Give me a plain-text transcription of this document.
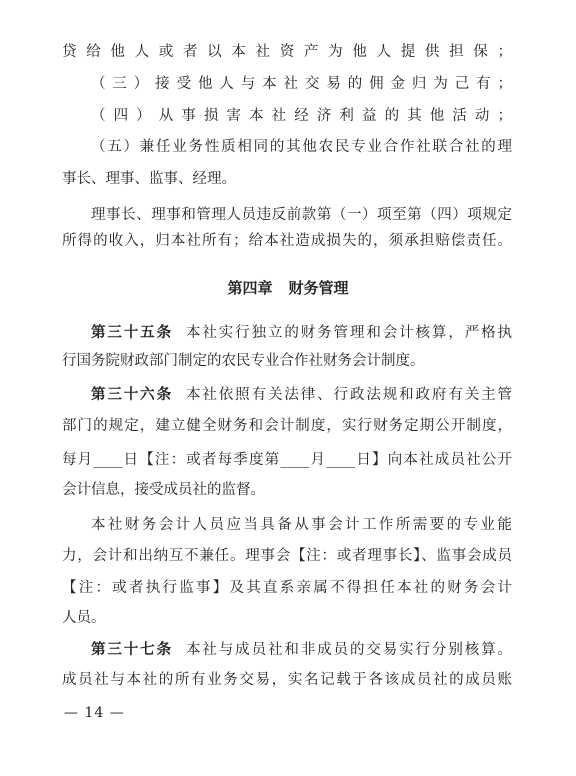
贷给他人或者以本社资产为他人提供担保；
（三）接受他人与本社交易的佣金归为己有；
（四）从事损害本社经济利益的其他活动；
（五）兼任业务性质相同的其他农民专业合作社联合社的理
事长、理事、监事、经理。
理事长、理事和管理人员违反前款第（一）项至第（四）项规定
所得的收入，归本社所有；给本社造成损失的，须承担赔偿责任。
第四章 财务管理
第三十五条 本社实行独立的财务管理和会计核算，严格执
行国务院财政部门制定的农民专业合作社财务会计制度。
第三十六条 本社依照有关法律、行政法规和政府有关主管
部门的规定，建立健全财务和会计制度，实行财务定期公开制度，
每月____日【注：或者每季度第____月____日】向本社成员社公开
会计信息，接受成员社的监督。
本社财务会计人员应当具备从事会计工作所需要的专业能
力，会计和出纳互不兼任。理事会【注：或者理事长】、监事会成员
【注：或者执行监事】及其直系亲属不得担任本社的财务会计
人员。
第三十七条 本社与成员社和非成员的交易实行分别核算。
成员社与本社的所有业务交易，实名记载于各该成员社的成员账
— 14 —
